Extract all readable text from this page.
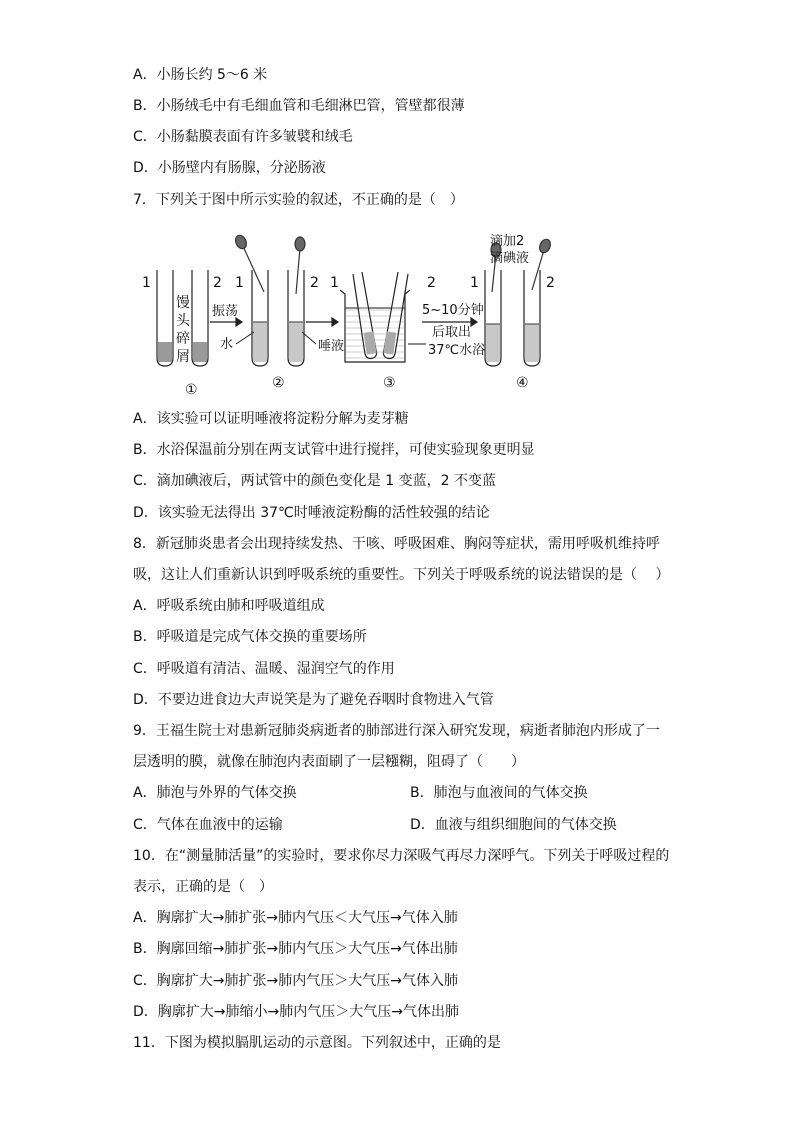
A．小肠长约 5～6 米
B．小肠绒毛中有毛细血管和毛细淋巴管，管壁都很薄
C．小肠黏膜表面有许多皱襞和绒毛
D．小肠壁内有肠腺，分泌肠液
7．下列关于图中所示实验的叙述，不正确的是（　）
1	2
馒
头
碎
屑
振荡
1	2
水	唾液
1	2
5~10分钟
后取出
37℃水浴
滴加2
滴碘液
1	2
①	②	③	④
A．该实验可以证明唾液将淀粉分解为麦芽糖
B．水浴保温前分别在两支试管中进行搅拌，可使实验现象更明显
C．滴加碘液后，两试管中的颜色变化是 1 变蓝，2 不变蓝
D．该实验无法得出 37℃时唾液淀粉酶的活性较强的结论
8．新冠肺炎患者会出现持续发热、干咳、呼吸困难、胸闷等症状，需用呼吸机维持呼
吸，这让人们重新认识到呼吸系统的重要性。下列关于呼吸系统的说法错误的是（　 ）
A．呼吸系统由肺和呼吸道组成
B．呼吸道是完成气体交换的重要场所
C．呼吸道有清洁、温暖、湿润空气的作用
D．不要边进食边大声说笑是为了避免吞咽时食物进入气管
9．王福生院士对患新冠肺炎病逝者的肺部进行深入研究发现，病逝者肺泡内形成了一
层透明的膜，就像在肺泡内表面刷了一层糨糊，阻碍了（　　）
A．肺泡与外界的气体交换	B．肺泡与血液间的气体交换
C．气体在血液中的运输	D．血液与组织细胞间的气体交换
10．在“测量肺活量”的实验时，要求你尽力深吸气再尽力深呼气。下列关于呼吸过程的
表示，正确的是（　）
A．胸廓扩大→肺扩张→肺内气压＜大气压→气体入肺
B．胸廓回缩→肺扩张→肺内气压＞大气压→气体出肺
C．胸廓扩大→肺扩张→肺内气压＞大气压→气体入肺
D．胸廓扩大→肺缩小→肺内气压＞大气压→气体出肺
11．下图为模拟膈肌运动的示意图。下列叙述中，正确的是
